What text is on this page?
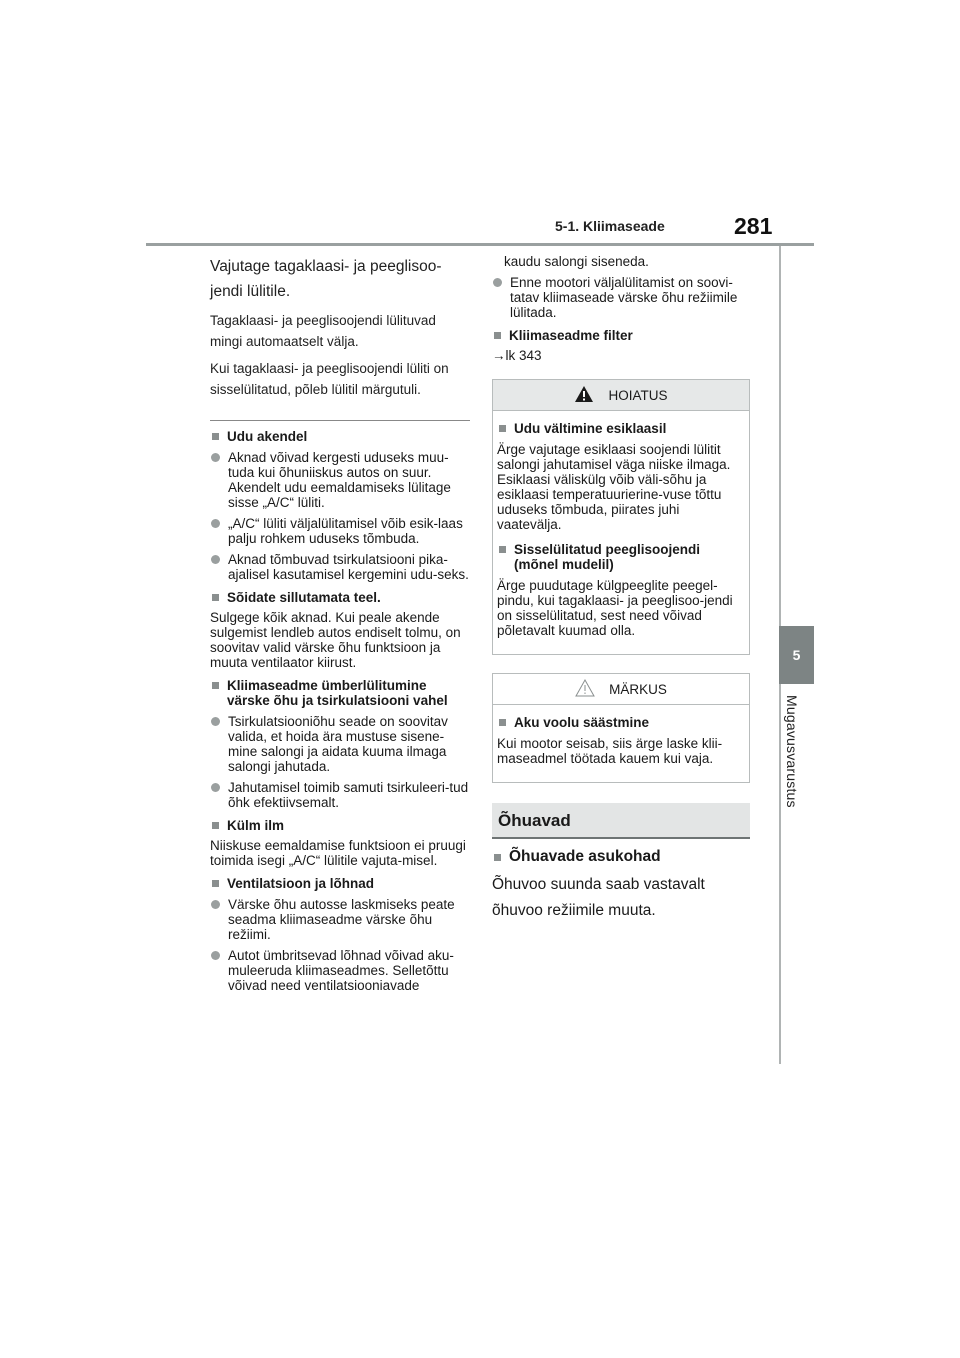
5-1. Kliimaseade	281
5
Mugavusvarustus

Vajutage tagaklaasi- ja peeglisoo-jendi lülitile.

Tagaklaasi- ja peeglisoojendi lülituvad mingi automaatselt välja.

Kui tagaklaasi- ja peeglisoojendi lüliti on sisselülitatud, põleb lülitil märgutuli.

Udu akendel
Aknad võivad kergesti uduseks muu-tuda kui õhuniiskus autos on suur. Akendelt udu eemaldamiseks lülitage sisse „A/C“ lüliti.
„A/C“ lüliti väljalülitamisel võib esik-laas palju rohkem uduseks tõmbuda.
Aknad tõmbuvad tsirkulatsiooni pika-ajalisel kasutamisel kergemini udu-seks.
Sõidate sillutamata teel.

Sulgege kõik aknad. Kui peale akende sulgemist lendleb autos endiselt tolmu, on soovitav valid värske õhu funktsioon ja muuta ventilaator kiirust.

Kliimaseadme ümberlülitumine värske õhu ja tsirkulatsiooni vahel
Tsirkulatsiooniõhu seade on soovitav valida, et hoida ära mustuse sisene-mine salongi ja aidata kuuma ilmaga salongi jahutada.
Jahutamisel toimib samuti tsirkuleeri-tud õhk efektiivsemalt.
Külm ilm

Niiskuse eemaldamise funktsioon ei pruugi toimida isegi „A/C“ lülitile vajuta-misel.

Ventilatsioon ja lõhnad
Värske õhu autosse laskmiseks peate seadma kliimaseadme värske õhu režiimi.
Autot ümbritsevad lõhnad võivad aku-muleeruda kliimaseadmes. Selletõttu võivad need ventilatsiooniavade

kaudu salongi siseneda.

Enne mootori väljalülitamist on soovi-tatav kliimaseade värske õhu režiimile lülitada.
Kliimaseadme filter

→lk 343

HOIATUS
Udu vältimine esiklaasil

Ärge vajutage esiklaasi soojendi lülitit salongi jahutamisel väga niiske ilmaga. Esiklaasi väliskülg võib väli-sõhu ja esiklaasi temperatuurierine-vuse tõttu uduseks tõmbuda, piirates juhi vaatevälja.

Sisselülitatud peeglisoojendi (mõnel mudelil)

Ärge puudutage külgpeeglite peegel-pindu, kui tagaklaasi- ja peeglisoo-jendi on sisselülitatud, sest need võivad põletavalt kuumad olla.

MÄRKUS
Aku voolu säästmine

Kui mootor seisab, siis ärge laske klii-maseadmel töötada kauem kui vaja.

Õhuavad
Õhuavade asukohad

Õhuvoo suunda saab vastavalt õhuvoo režiimile muuta.
